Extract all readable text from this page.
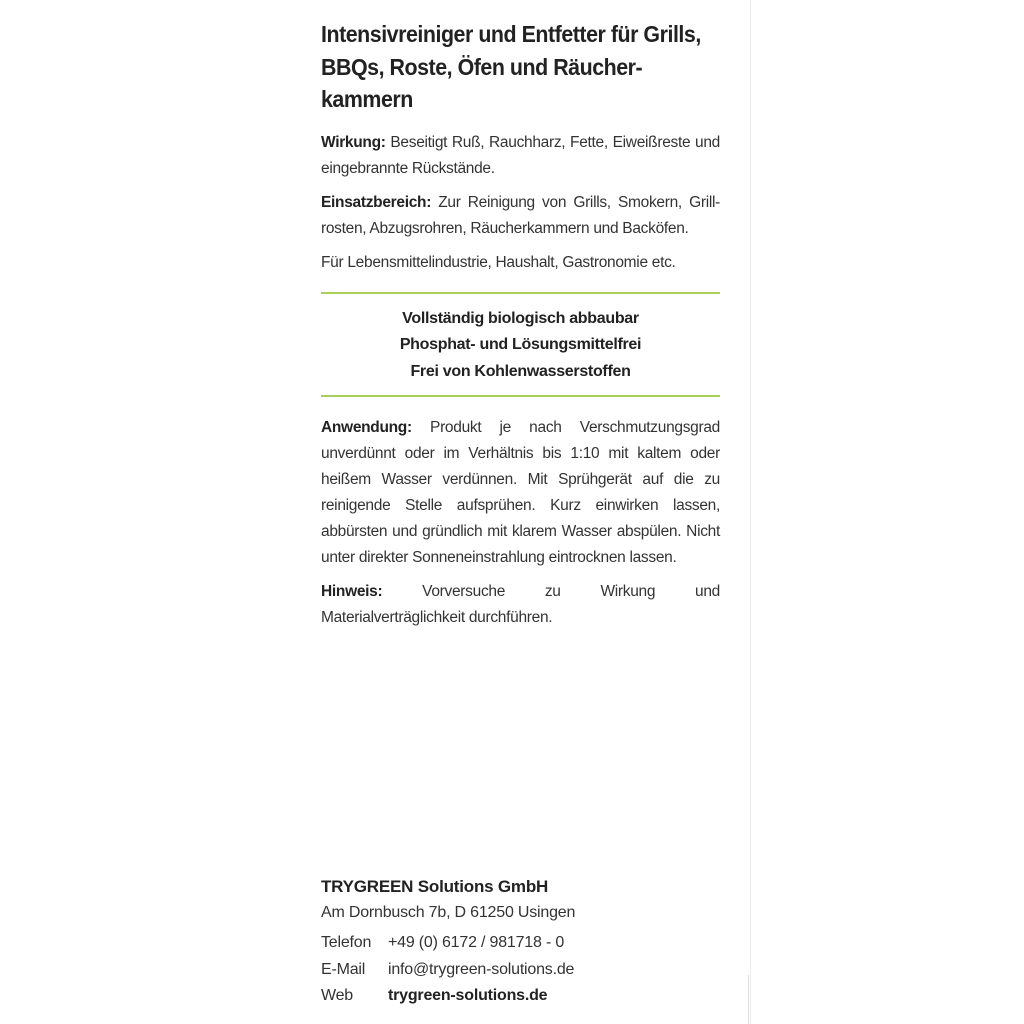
Intensivreiniger und Entfetter für Grills, BBQs, Roste, Öfen und Räucher-kammern

Wirkung: Beseitigt Ruß, Rauchharz, Fette, Eiweißreste und eingebrannte Rückstände.

Einsatzbereich: Zur Reinigung von Grills, Smokern, Grill-rosten, Abzugsrohren, Räucherkammern und Backöfen.

Für Lebensmittelindustrie, Haushalt, Gastronomie etc.

Vollständig biologisch abbaubar
Phosphat- und Lösungsmittelfrei
Frei von Kohlenwasserstoffen

Anwendung: Produkt je nach Verschmutzungsgrad unverdünnt oder im Verhältnis bis 1:10 mit kaltem oder heißem Wasser verdünnen. Mit Sprühgerät auf die zu reinigende Stelle aufsprühen. Kurz einwirken lassen, abbürsten und gründlich mit klarem Wasser abspülen. Nicht unter direkter Sonneneinstrahlung eintrocknen lassen.

Hinweis:	Vorversuche zu Wirkung und Materialverträglichkeit durchführen.

TRYGREEN Solutions GmbH
Am Dornbusch 7b, D 61250 Usingen
Telefon	+49 (0) 6172 / 981718 - 0
E-Mail	info@trygreen-solutions.de
Web	trygreen-solutions.de
